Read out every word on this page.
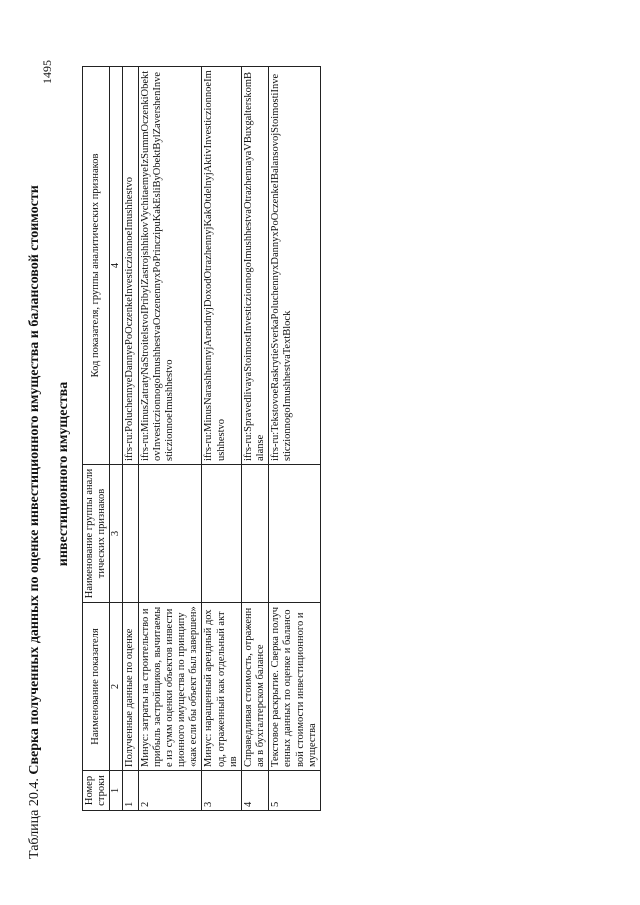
1495
Таблица 20.4. Сверка полученных данных по оценке инвестиционного имущества и балансовой стоимости	инвестиционного имущества
Номер строки	Наименование показателя	Наименование группы аналитических признаков	Код показателя, группы аналитических признаков
1	2	3	4
1	Полученные данные по оценке		ifrs-ru:PoluchennyeDannyePoOczenkeInvesticzionnoeImushhestvo
2	Минус: затраты на строительство и прибыль застройщиков, вычитаемые из сумм оценки объектов инвестиционного имущества по принципу «как если бы объект был завершен»		ifrs-ru:MinusZatratyNaStroitelstvoIPribylZastrojshhikovVychitaemyeIzSummOczenkiObektovInvesticzionnogoImushhestvaOczenennyxPoPrinczipuKakEsliByObektBylZavershenInvesticzionnoeImushhestvo
3	Минус: наращенный арендный доход, отраженный как отдельный актив		ifrs-ru:MinusNarashhennyjArendnyjDoxodOtrazhennyjKakOtdelnyjAktivInvesticzionnoeImushhestvo
4	Справедливая стоимость, отраженная в бухгалтерском балансе		ifrs-ru:SpravedlivayaStoimostInvesticzionnogoImushhestvaOtrazhennayaVBuxgalterskomBalanse
5	Текстовое раскрытие. Сверка полученных данных по оценке и балансовой стоимости инвестиционного имущества		ifrs-ru:TekstovoeRaskrytieSverkaPoluchennyxDannyxPoOczenkeIBalansovojStoimostiInvesticzionnogoImushhestvaTextBlock
